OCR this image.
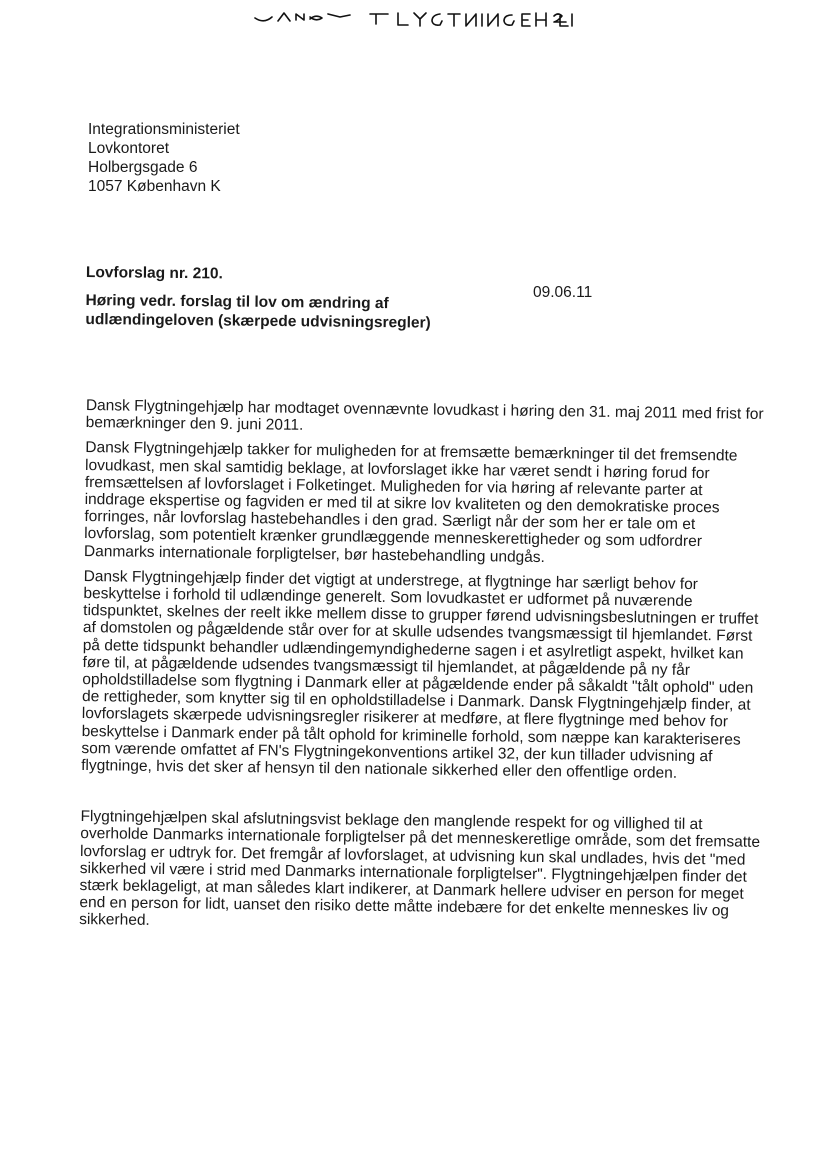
Integrationsministeriet
Lovkontoret
Holbergsgade 6
1057 København K
Lovforslag nr. 210.
Høring vedr. forslag til lov om ændring af
udlændingeloven (skærpede udvisningsregler)
09.06.11

Dansk Flygtningehjælp har modtaget ovennævnte lovudkast i høring den 31. maj 2011 med frist for bemærkninger den 9. juni 2011.

Dansk Flygtningehjælp takker for muligheden for at fremsætte bemærkninger til det fremsendte lovudkast, men skal samtidig beklage, at lovforslaget ikke har været sendt i høring forud for fremsættelsen af lovforslaget i Folketinget. Muligheden for via høring af relevante parter at inddrage ekspertise og fagviden er med til at sikre lov kvaliteten og den demokratiske proces forringes, når lovforslag hastebehandles i den grad. Særligt når der som her er tale om et lovforslag, som potentielt krænker grundlæggende menneskerettigheder og som udfordrer Danmarks internationale forpligtelser, bør hastebehandling undgås.

Dansk Flygtningehjælp finder det vigtigt at understrege, at flygtninge har særligt behov for beskyttelse i forhold til udlændinge generelt. Som lovudkastet er udformet på nuværende tidspunktet, skelnes der reelt ikke mellem disse to grupper førend udvisningsbeslutningen er truffet af domstolen og pågældende står over for at skulle udsendes tvangsmæssigt til hjemlandet. Først på dette tidspunkt behandler udlændingemyndighederne sagen i et asylretligt aspekt, hvilket kan føre til, at pågældende udsendes tvangsmæssigt til hjemlandet, at pågældende på ny får opholdstilladelse som flygtning i Danmark eller at pågældende ender på såkaldt "tålt ophold" uden de rettigheder, som knytter sig til en opholdstilladelse i Danmark. Dansk Flygtningehjælp finder, at lovforslagets skærpede udvisningsregler risikerer at medføre, at flere flygtninge med behov for beskyttelse i Danmark ender på tålt ophold for kriminelle forhold, som næppe kan karakteriseres som værende omfattet af FN's Flygtningekonventions artikel 32, der kun tillader udvisning af flygtninge, hvis det sker af hensyn til den nationale sikkerhed eller den offentlige orden.

Flygtningehjælpen skal afslutningsvist beklage den manglende respekt for og villighed til at overholde Danmarks internationale forpligtelser på det menneskeretlige område, som det fremsatte lovforslag er udtryk for. Det fremgår af lovforslaget, at udvisning kun skal undlades, hvis det "med sikkerhed vil være i strid med Danmarks internationale forpligtelser". Flygtningehjælpen finder det stærk beklageligt, at man således klart indikerer, at Danmark hellere udviser en person for meget end en person for lidt, uanset den risiko dette måtte indebære for det enkelte menneskes liv og sikkerhed.
